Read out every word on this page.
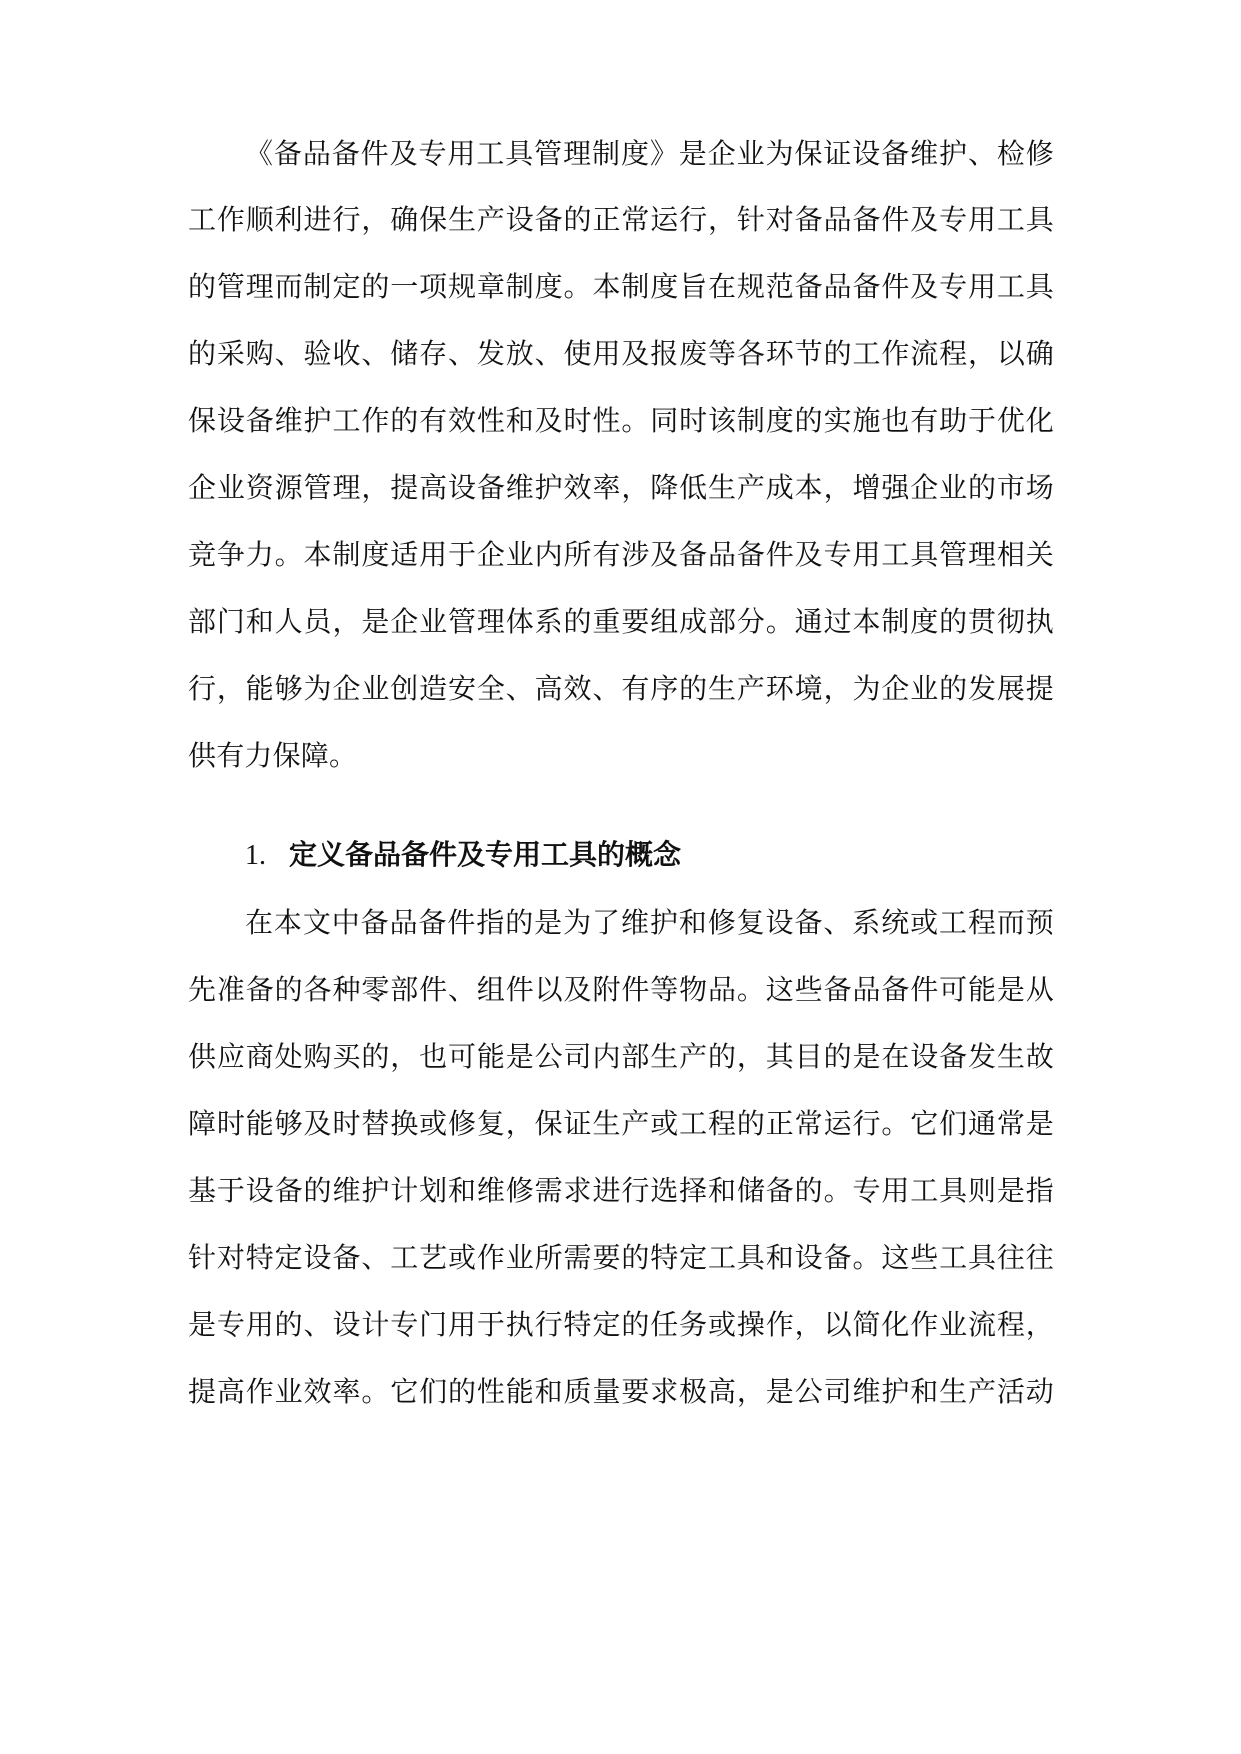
《备品备件及专用工具管理制度》是企业为保证设备维护、检修
工作顺利进行，确保生产设备的正常运行，针对备品备件及专用工具
的管理而制定的一项规章制度。本制度旨在规范备品备件及专用工具
的采购、验收、储存、发放、使用及报废等各环节的工作流程，以确
保设备维护工作的有效性和及时性。同时该制度的实施也有助于优化
企业资源管理，提高设备维护效率，降低生产成本，增强企业的市场
竞争力。本制度适用于企业内所有涉及备品备件及专用工具管理相关
部门和人员，是企业管理体系的重要组成部分。通过本制度的贯彻执
行，能够为企业创造安全、高效、有序的生产环境，为企业的发展提
供有力保障。
1. 定义备品备件及专用工具的概念
在本文中备品备件指的是为了维护和修复设备、系统或工程而预
先准备的各种零部件、组件以及附件等物品。这些备品备件可能是从
供应商处购买的，也可能是公司内部生产的，其目的是在设备发生故
障时能够及时替换或修复，保证生产或工程的正常运行。它们通常是
基于设备的维护计划和维修需求进行选择和储备的。专用工具则是指
针对特定设备、工艺或作业所需要的特定工具和设备。这些工具往往
是专用的、设计专门用于执行特定的任务或操作，以简化作业流程，
提高作业效率。它们的性能和质量要求极高，是公司维护和生产活动
